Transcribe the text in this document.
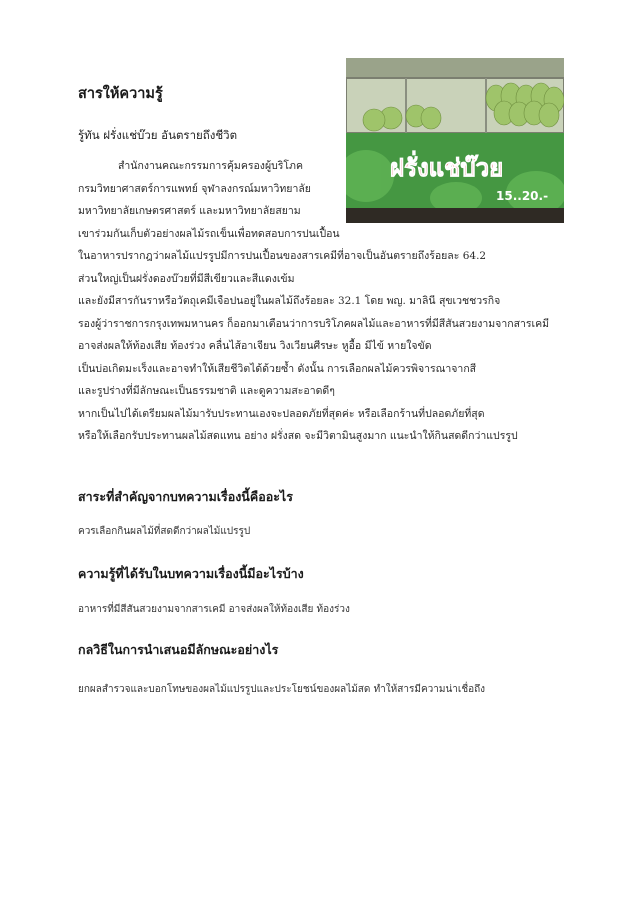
ฝรั่งแช่บ๊วย
15..20.-
สารให้ความรู้
รู้ทัน ฝรั่งแช่บ๊วย อันตรายถึงชีวิต
สำนักงานคณะกรรมการคุ้มครองผู้บริโภค
กรมวิทยาศาสตร์การแพทย์ จุฬาลงกรณ์มหาวิทยาลัย
มหาวิทยาลัยเกษตรศาสตร์ และมหาวิทยาลัยสยาม
เขาร่วมกันเก็บตัวอย่างผลไม้รถเข็นเพื่อทดสอบการปนเปื้อน
ในอาหารปรากฎว่าผลไม้แปรรูปมีการปนเปื้อนของสารเคมีที่อาจเป็นอันตรายถึงร้อยละ 64.2
ส่วนใหญ่เป็นฝรั่งดองบ๊วยที่มีสีเขียวและสีแดงเข้ม
และยังมีสารกันราหรือวัตถุเคมีเจือปนอยู่ในผลไม้ถึงร้อยละ 32.1 โดย พญ. มาลินี สุขเวชชวรกิจ
รองผู้ว่าราชการกรุงเทพมหานคร ก็ออกมาเตือนว่าการบริโภคผลไม้และอาหารที่มีสีสันสวยงามจากสารเคมี
อาจส่งผลให้ท้องเสีย ท้องร่วง คลื่นไส้อาเจียน วิงเวียนศีรษะ หูอื้อ มีไข้ หายใจขัด
เป็นบ่อเกิดมะเร็งและอาจทำให้เสียชีวิตได้ด้วยซ้ำ ดังนั้น การเลือกผลไม้ควรพิจารณาจากสี
และรูปร่างที่มีลักษณะเป็นธรรมชาติ และดูความสะอาดดีๆ
หากเป็นไปได้เตรียมผลไม้มารับประทานเองจะปลอดภัยที่สุดค่ะ หรือเลือกร้านที่ปลอดภัยที่สุด
หรือให้เลือกรับประทานผลไม้สดแทน อย่าง ฝรั่งสด จะมีวิตามินสูงมาก แนะนำให้กินสดดีกว่าแปรรูป
สาระที่สำคัญจากบทความเรื่องนี้คืออะไร
ควรเลือกกินผลไม้ที่สดดีกว่าผลไม้แปรรูป
ความรู้ที่ได้รับในบทความเรื่องนี้มีอะไรบ้าง
อาหารที่มีสีสันสวยงามจากสารเคมี อาจส่งผลให้ท้องเสีย ท้องร่วง
กลวิธีในการนำเสนอมีลักษณะอย่างไร
ยกผลสำรวจและบอกโทษของผลไม้แปรรูปและประโยชน์ของผลไม้สด ทำให้สารมีความน่าเชื่อถึง
